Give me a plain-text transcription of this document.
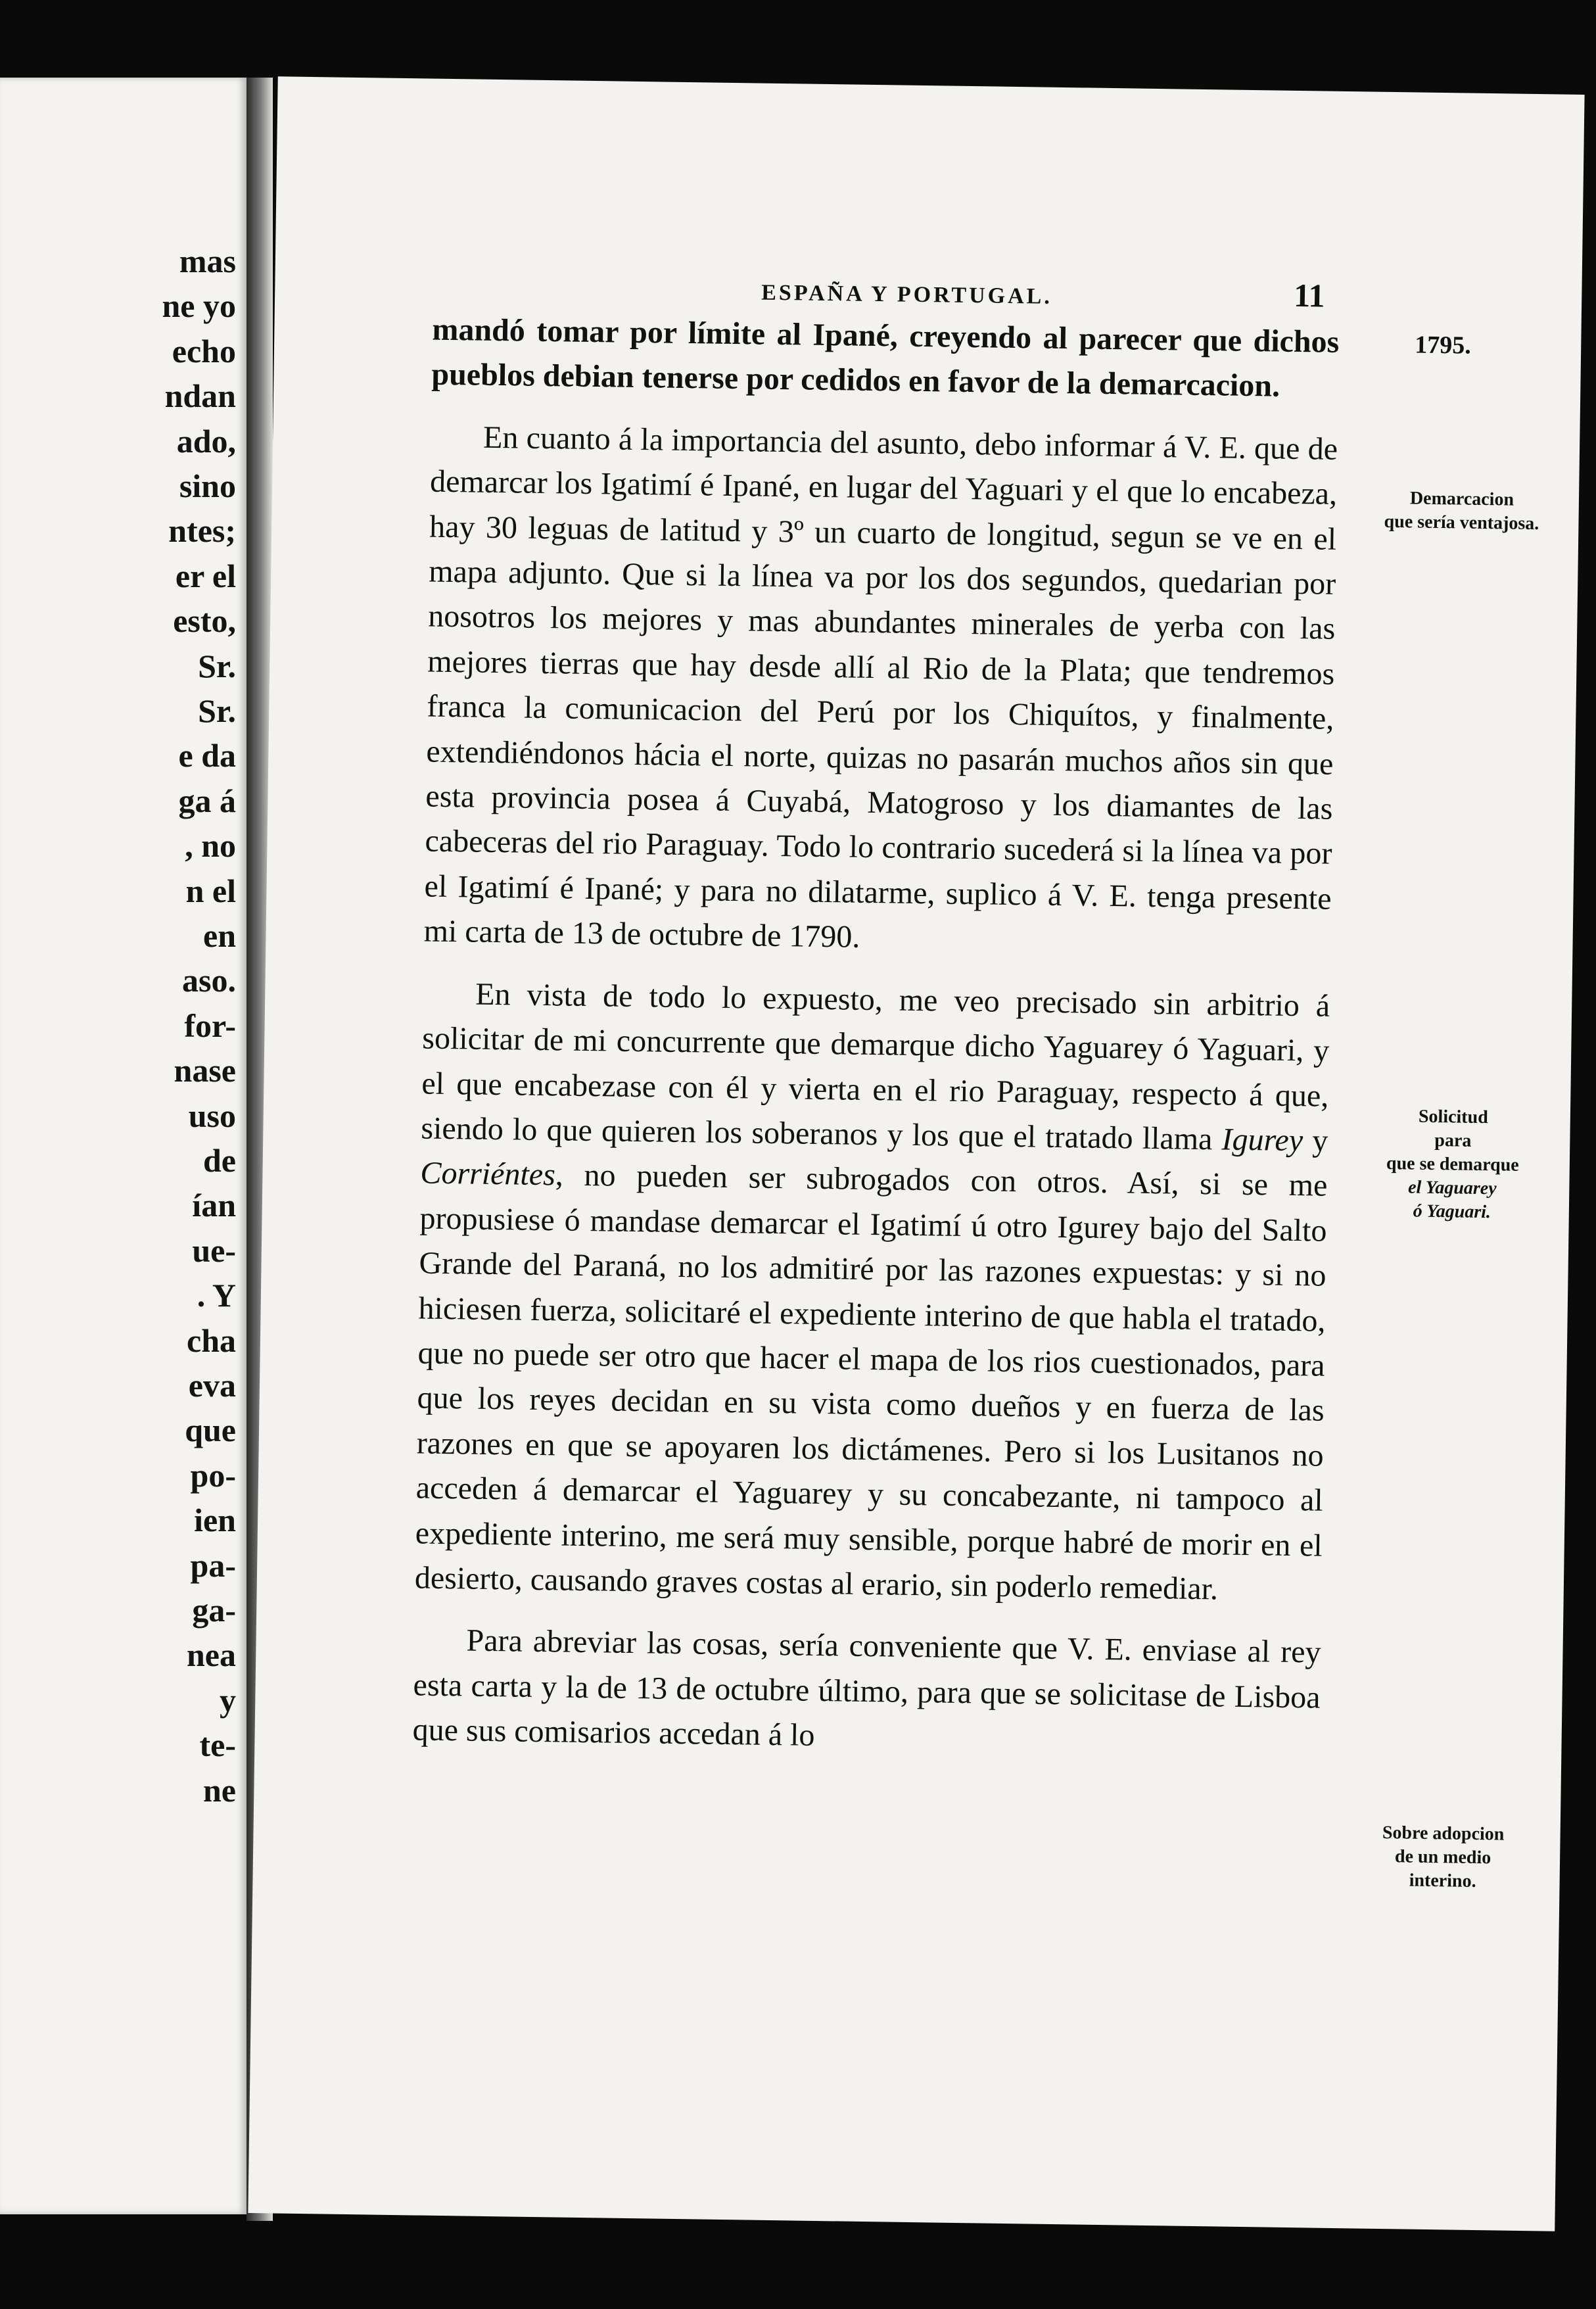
mas
ne yo
echo
ndan
ado,
sino
ntes;
er el
esto,
Sr.
Sr.
e da
ga á
, no
n el
en
aso.
for-
nase
uso
de
ían
ue-
. Y
cha
eva
que
po-
ien
pa-
ga-
nea
y
te-
ne
ESPAÑA Y PORTUGAL.	11
1795.
Demarcacion
que sería ventajosa.
Solicitud
para
que se demarque
el Yaguarey
ó Yaguari.
Sobre adopcion
de un medio
interino.

mandó tomar por límite al Ipané, creyendo al parecer que dichos pueblos debian tenerse por cedidos en favor de la demarcacion.

En cuanto á la importancia del asunto, debo informar á V. E. que de demarcar los Igatimí é Ipané, en lugar del Yaguari y el que lo encabeza, hay 30 leguas de latitud y 3º un cuarto de longitud, segun se ve en el mapa adjunto. Que si la línea va por los dos segundos, quedarian por nosotros los mejores y mas abundantes minerales de yerba con las mejores tierras que hay desde allí al Rio de la Plata; que tendremos franca la comunicacion del Perú por los Chiquítos, y finalmente, extendiéndonos hácia el norte, quizas no pasarán muchos años sin que esta provincia posea á Cuyabá, Matogroso y los diamantes de las cabeceras del rio Paraguay. Todo lo contrario sucederá si la línea va por el Igatimí é Ipané; y para no dilatarme, suplico á V. E. tenga presente mi carta de 13 de octubre de 1790.

En vista de todo lo expuesto, me veo precisado sin arbitrio á solicitar de mi concurrente que demarque dicho Yaguarey ó Yaguari, y el que encabezase con él y vierta en el rio Paraguay, respecto á que, siendo lo que quieren los soberanos y los que el tratado llama Igurey y Corriéntes, no pueden ser subrogados con otros. Así, si se me propusiese ó mandase demarcar el Igatimí ú otro Igurey bajo del Salto Grande del Paraná, no los admitiré por las razones expuestas: y si no hiciesen fuerza, solicitaré el expediente interino de que habla el tratado, que no puede ser otro que hacer el mapa de los rios cuestionados, para que los reyes decidan en su vista como dueños y en fuerza de las razones en que se apoyaren los dictámenes. Pero si los Lusitanos no acceden á demarcar el Yaguarey y su concabezante, ni tampoco al expediente interino, me será muy sensible, porque habré de morir en el desierto, causando graves costas al erario, sin poderlo remediar.

Para abreviar las cosas, sería conveniente que V. E. enviase al rey esta carta y la de 13 de octubre último, para que se solicitase de Lisboa que sus comisarios accedan á lo
